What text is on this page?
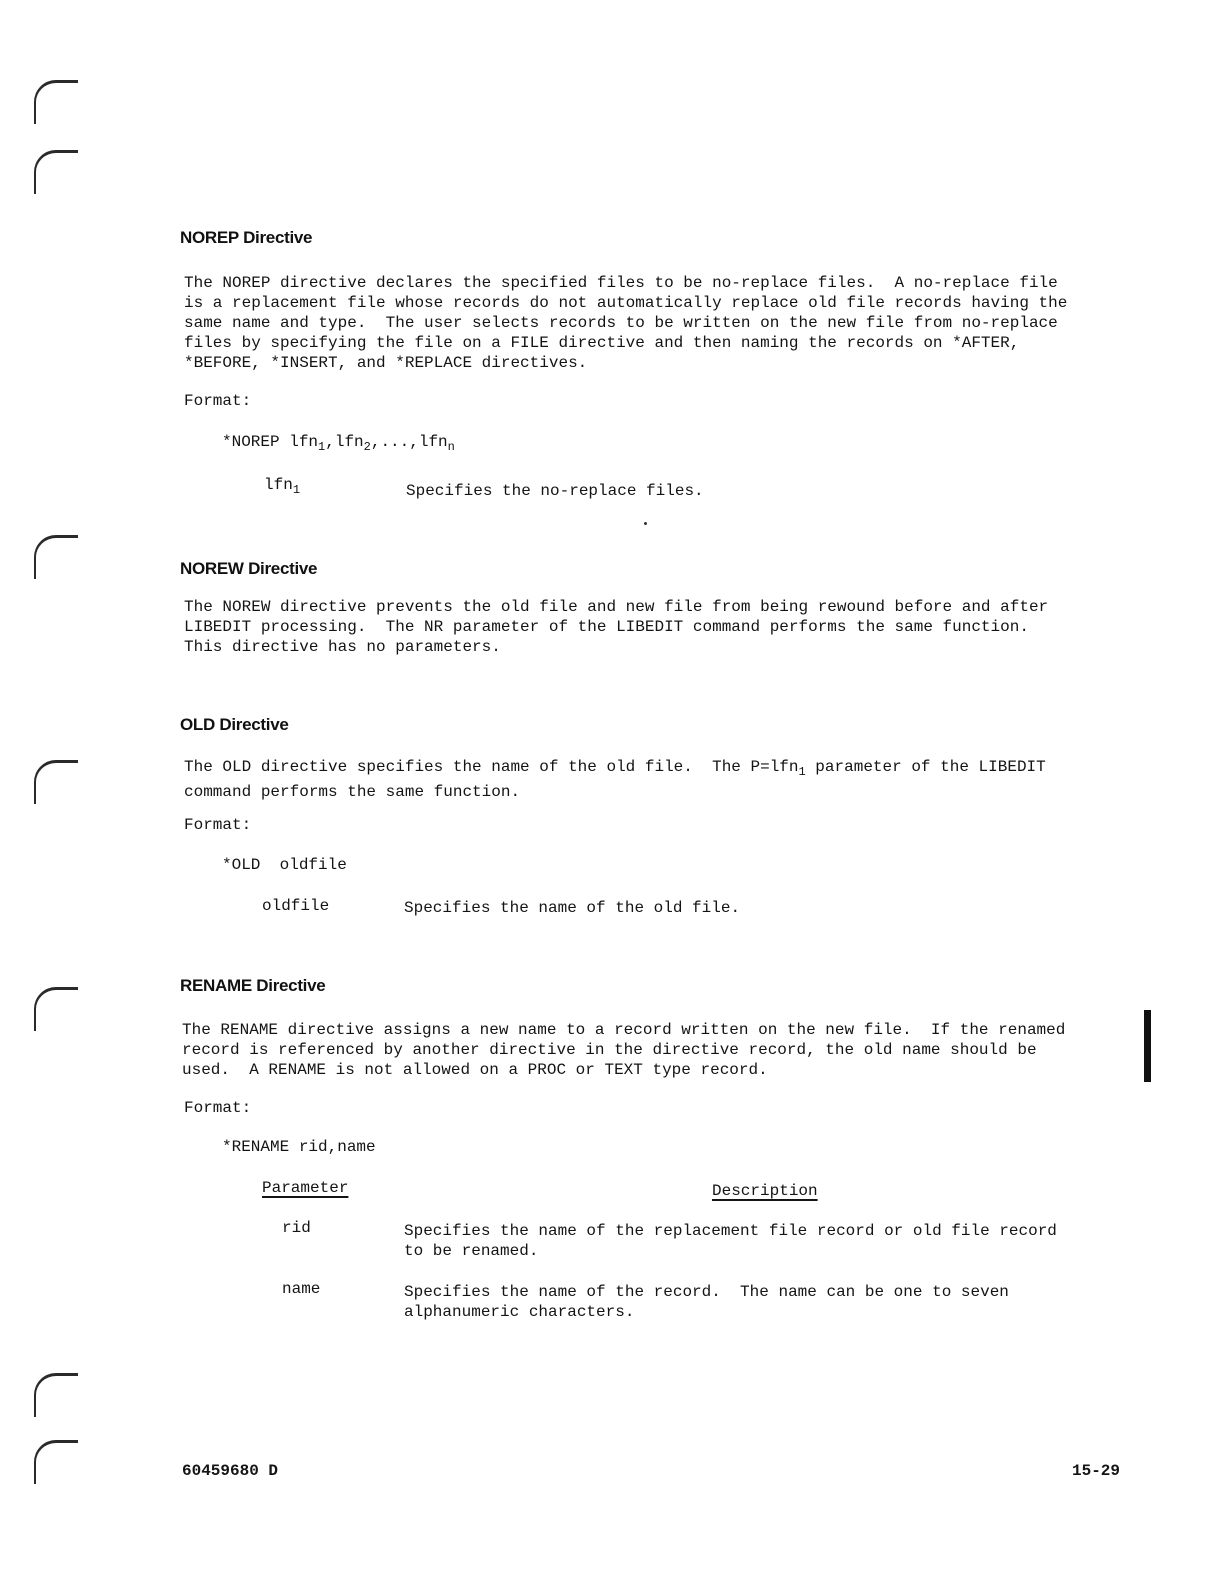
NOREP Directive

The NOREP directive declares the specified files to be no-replace files.  A no-replace file
is a replacement file whose records do not automatically replace old file records having the
same name and type.  The user selects records to be written on the new file from no-replace
files by specifying the file on a FILE directive and then naming the records on *AFTER,
*BEFORE, *INSERT, and *REPLACE directives.

Format:

*NOREP lfn$_1$,lfn$_2$,...,lfn$_n$

lfn$_1$	Specifies the no-replace files.

NOREW Directive

The NOREW directive prevents the old file and new file from being rewound before and after
LIBEDIT processing.  The NR parameter of the LIBEDIT command performs the same function.
This directive has no parameters.

OLD Directive

The OLD directive specifies the name of the old file.  The P=lfn$_1$ parameter of the LIBEDIT
command performs the same function.

Format:

*OLD  oldfile

oldfile	Specifies the name of the old file.

RENAME Directive

The RENAME directive assigns a new name to a record written on the new file.  If the renamed
record is referenced by another directive in the directive record, the old name should be
used.  A RENAME is not allowed on a PROC or TEXT type record.

Format:

*RENAME rid,name

Parameter	Description

rid	Specifies the name of the replacement file record or old file record
to be renamed.

name	Specifies the name of the record.  The name can be one to seven
alphanumeric characters.

60459680 D	15-29
